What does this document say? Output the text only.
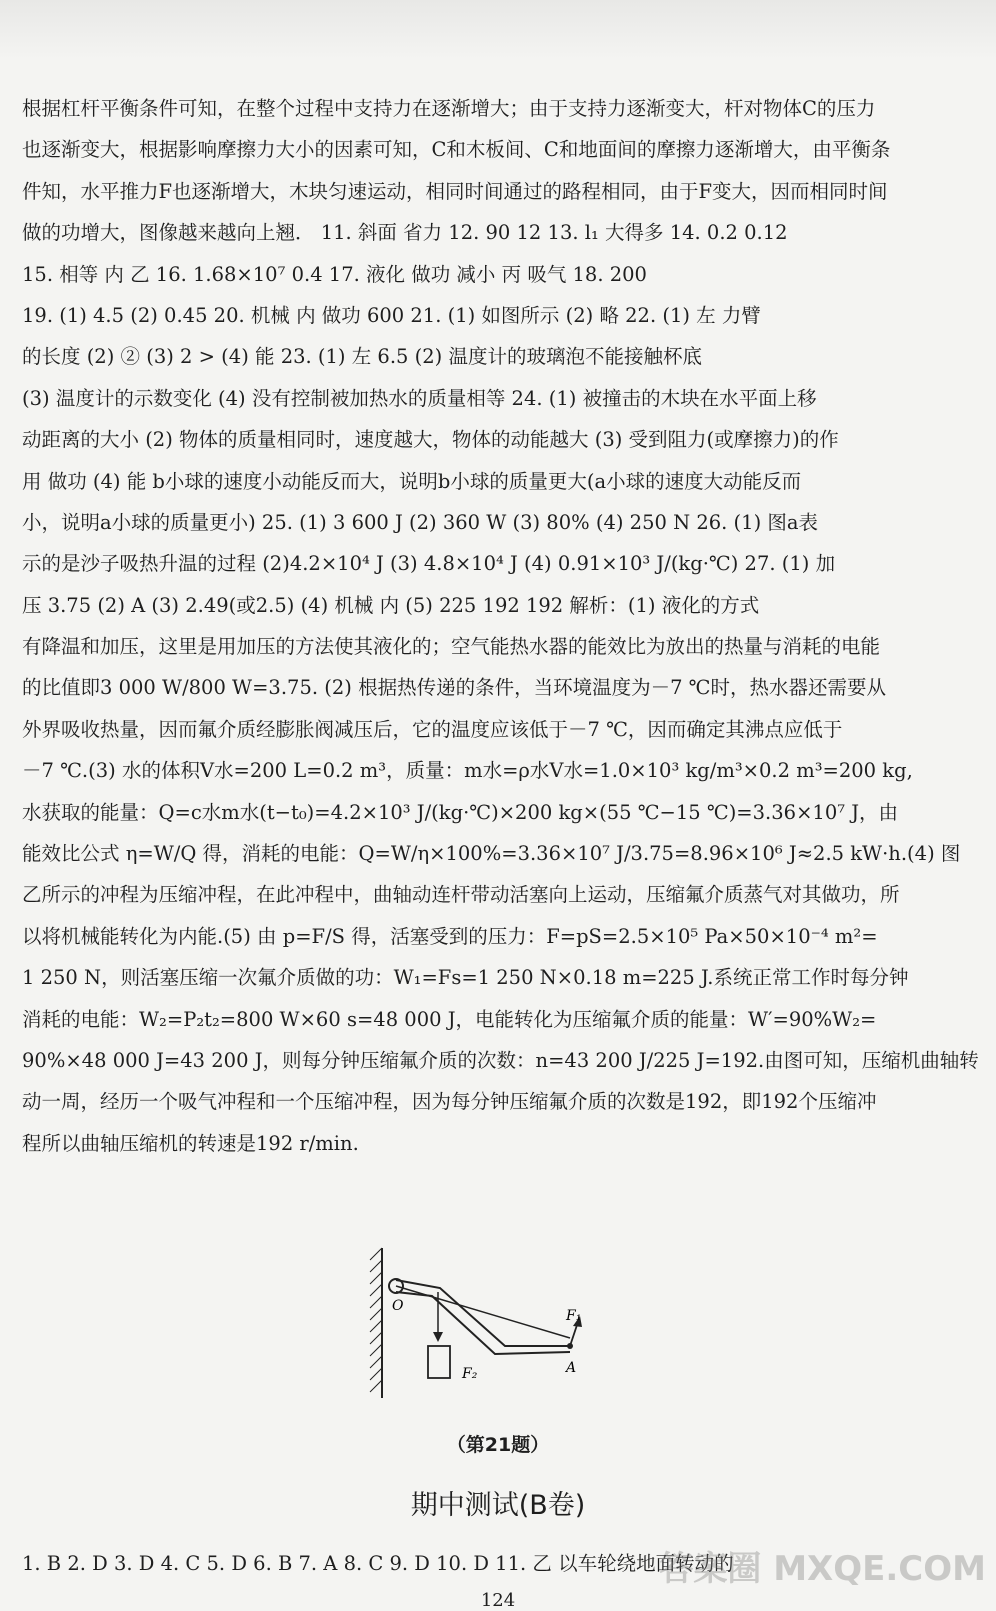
根据杠杆平衡条件可知，在整个过程中支持力在逐渐增大；由于支持力逐渐变大，杆对物体C的压力
也逐渐变大，根据影响摩擦力大小的因素可知，C和木板间、C和地面间的摩擦力逐渐增大，由平衡条
件知，水平推力F也逐渐增大，木块匀速运动，相同时间通过的路程相同，由于F变大，因而相同时间
做的功增大，图像越来越向上翘． 11. 斜面 省力 12. 90 12 13. l₁ 大得多 14. 0.2 0.12
15. 相等 内 乙 16. 1.68×10⁷ 0.4 17. 液化 做功 减小 丙 吸气 18. 200
19. (1) 4.5 (2) 0.45 20. 机械 内 做功 600 21. (1) 如图所示 (2) 略 22. (1) 左 力臂
的长度 (2) ② (3) 2 > (4) 能 23. (1) 左 6.5 (2) 温度计的玻璃泡不能接触杯底
(3) 温度计的示数变化 (4) 没有控制被加热水的质量相等 24. (1) 被撞击的木块在水平面上移
动距离的大小 (2) 物体的质量相同时，速度越大，物体的动能越大 (3) 受到阻力(或摩擦力)的作
用 做功 (4) 能 b小球的速度小动能反而大，说明b小球的质量更大(a小球的速度大动能反而
小，说明a小球的质量更小) 25. (1) 3 600 J (2) 360 W (3) 80% (4) 250 N 26. (1) 图a表
示的是沙子吸热升温的过程 (2)4.2×10⁴ J (3) 4.8×10⁴ J (4) 0.91×10³ J/(kg·℃) 27. (1) 加
压 3.75 (2) A (3) 2.49(或2.5) (4) 机械 内 (5) 225 192 192 解析：(1) 液化的方式
有降温和加压，这里是用加压的方法使其液化的；空气能热水器的能效比为放出的热量与消耗的电能
的比值即3 000 W/800 W=3.75. (2) 根据热传递的条件，当环境温度为－7 ℃时，热水器还需要从
外界吸收热量，因而氟介质经膨胀阀减压后，它的温度应该低于－7 ℃，因而确定其沸点应低于
－7 ℃.(3) 水的体积V水=200 L=0.2 m³，质量：m水=ρ水V水=1.0×10³ kg/m³×0.2 m³=200 kg,
水获取的能量：Q=c水m水(t−t₀)=4.2×10³ J/(kg·℃)×200 kg×(55 ℃−15 ℃)=3.36×10⁷ J，由
能效比公式 η=W/Q 得，消耗的电能：Q=W/η×100%=3.36×10⁷ J/3.75=8.96×10⁶ J≈2.5 kW·h.(4) 图
乙所示的冲程为压缩冲程，在此冲程中，曲轴动连杆带动活塞向上运动，压缩氟介质蒸气对其做功，所
以将机械能转化为内能.(5) 由 p=F/S 得，活塞受到的压力：F=pS=2.5×10⁵ Pa×50×10⁻⁴ m²=
1 250 N，则活塞压缩一次氟介质做的功：W₁=Fs=1 250 N×0.18 m=225 J.系统正常工作时每分钟
消耗的电能：W₂=P₂t₂=800 W×60 s=48 000 J，电能转化为压缩氟介质的能量：W′=90%W₂=
90%×48 000 J=43 200 J，则每分钟压缩氟介质的次数：n=43 200 J/225 J=192.由图可知，压缩机曲轴转
动一周，经历一个吸气冲程和一个压缩冲程，因为每分钟压缩氟介质的次数是192，即192个压缩冲
程所以曲轴压缩机的转速是192 r/min.
O
F₁
F₂	A
（第21题）
期中测试(B卷)
1. B 2. D 3. D 4. C 5. D 6. B 7. A 8. C 9. D 10. D 11. 乙 以车轮绕地面转动的
124
答案圈 MXQE.COM
